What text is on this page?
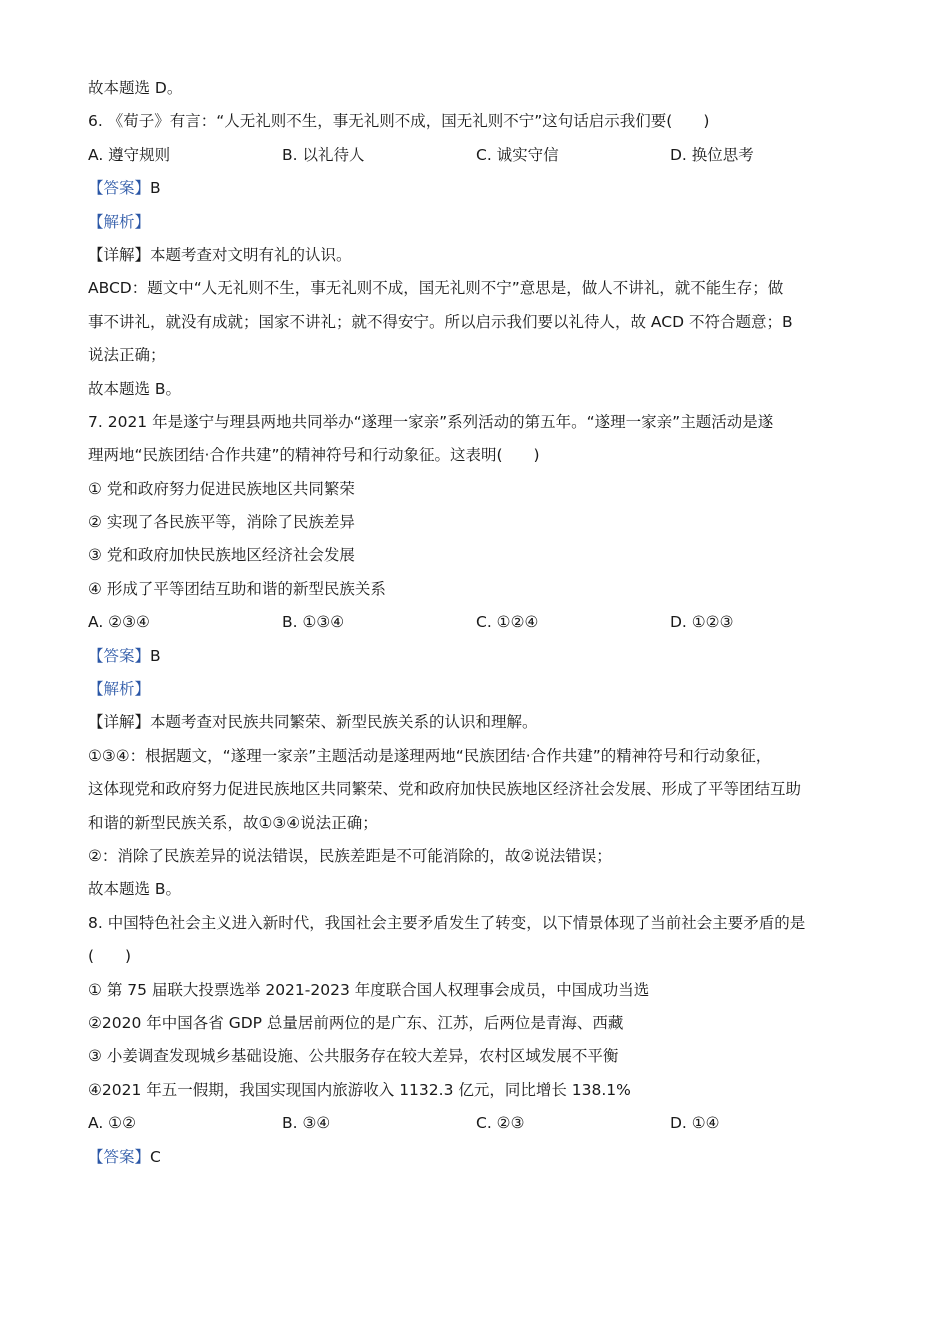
故本题选 D。
6. 《荀子》有言：“人无礼则不生，事无礼则不成，国无礼则不宁”这句话启示我们要(　　)
A. 遵守规则	B. 以礼待人	C. 诚实守信	D. 换位思考
【答案】B
【解析】
【详解】本题考查对文明有礼的认识。
ABCD：题文中“人无礼则不生，事无礼则不成，国无礼则不宁”意思是，做人不讲礼，就不能生存；做
事不讲礼，就没有成就；国家不讲礼；就不得安宁。所以启示我们要以礼待人，故 ACD 不符合题意；B
说法正确；
故本题选 B。
7. 2021 年是遂宁与理县两地共同举办“遂理一家亲”系列活动的第五年。“遂理一家亲”主题活动是遂
理两地“民族团结·合作共建”的精神符号和行动象征。这表明(　　)
① 党和政府努力促进民族地区共同繁荣
② 实现了各民族平等，消除了民族差异
③ 党和政府加快民族地区经济社会发展
④ 形成了平等团结互助和谐的新型民族关系
A. ②③④	B. ①③④	C. ①②④	D. ①②③
【答案】B
【解析】
【详解】本题考查对民族共同繁荣、新型民族关系的认识和理解。
①③④：根据题文，“遂理一家亲”主题活动是遂理两地“民族团结·合作共建”的精神符号和行动象征，
这体现党和政府努力促进民族地区共同繁荣、党和政府加快民族地区经济社会发展、形成了平等团结互助
和谐的新型民族关系，故①③④说法正确；
②：消除了民族差异的说法错误，民族差距是不可能消除的，故②说法错误；
故本题选 B。
8. 中国特色社会主义进入新时代，我国社会主要矛盾发生了转变，以下情景体现了当前社会主要矛盾的是
(　　)
① 第 75 届联大投票选举 2021-2023 年度联合国人权理事会成员，中国成功当选
②2020 年中国各省 GDP 总量居前两位的是广东、江苏，后两位是青海、西藏
③ 小姜调查发现城乡基础设施、公共服务存在较大差异，农村区域发展不平衡
④2021 年五一假期，我国实现国内旅游收入 1132.3 亿元，同比增长 138.1%
A. ①②	B. ③④	C. ②③	D. ①④
【答案】C
